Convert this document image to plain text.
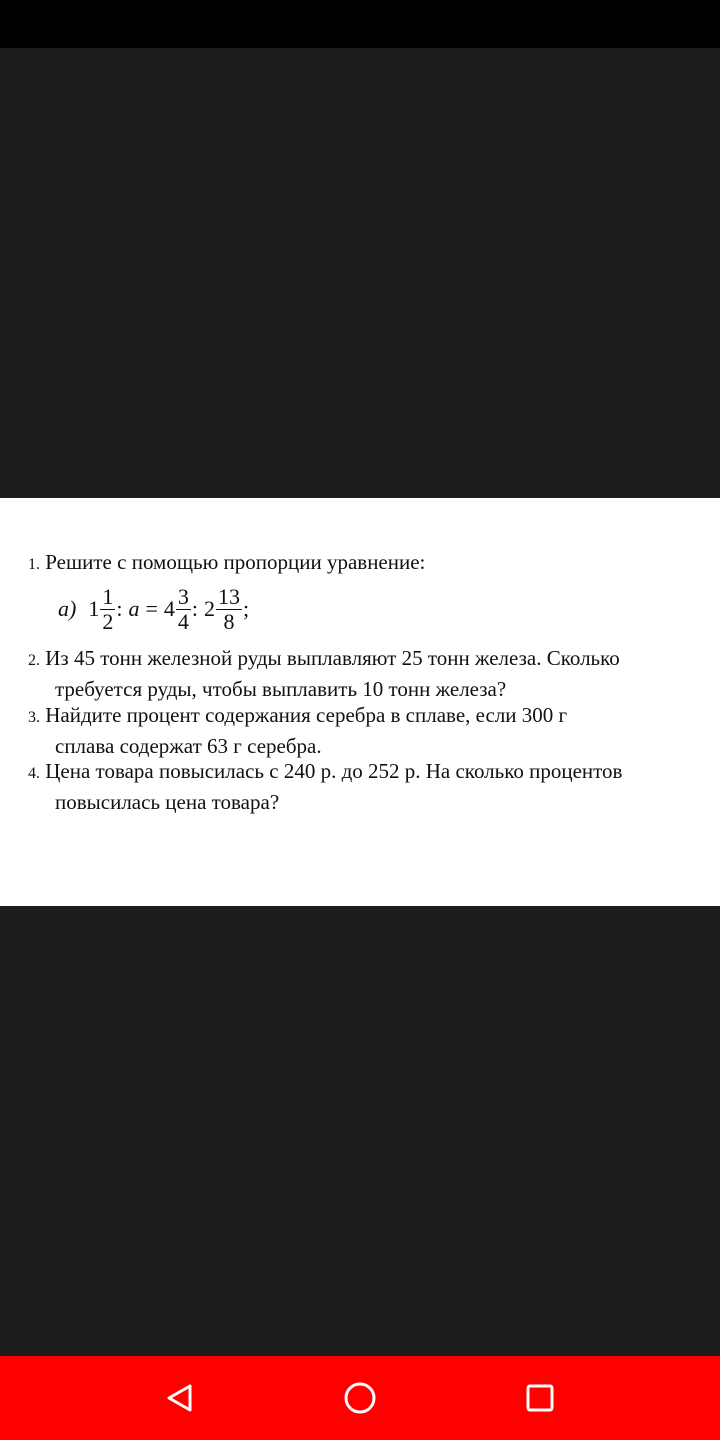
1. Решите с помощью пропорции уравнение:
а) $1 \frac{1}{2}$ : $а = 4 \frac{3}{4}$ : $2 \frac{13}{8}$ ;
2. Из 45 тонн железной руды выплавляют 25 тонн железа. Сколько
требуется руды, чтобы выплавить 10 тонн железа?
3. Найдите процент содержания серебра в сплаве, если 300 г
сплава содержат 63 г серебра.
4. Цена товара повысилась с 240 р. до 252 р. На сколько процентов
повысилась цена товара?
